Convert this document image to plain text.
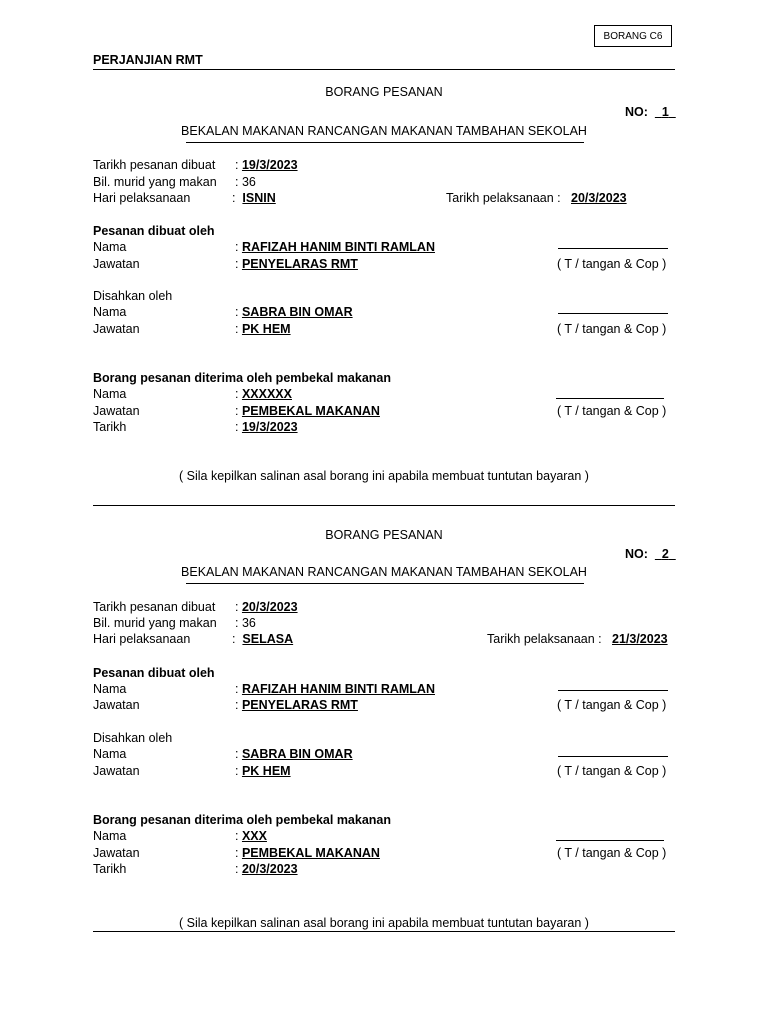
BORANG C6
PERJANJIAN RMT
BORANG PESANAN
NO: 1
BEKALAN MAKANAN RANCANGAN MAKANAN TAMBAHAN SEKOLAH
Tarikh pesanan dibuat : 19/3/2023
Bil. murid yang makan : 36
Hari pelaksanaan	:  ISNIN	Tarikh pelaksanaan : 20/3/2023
Pesanan dibuat oleh
Nama	: RAFIZAH HANIM BINTI RAMLAN
Jawatan	: PENYELARAS RMT	( T / tangan & Cop )
Disahkan oleh
Nama	: SABRA BIN OMAR
Jawatan	: PK HEM	( T / tangan & Cop )
Borang pesanan diterima oleh pembekal makanan
Nama	: XXXXXX
Jawatan	: PEMBEKAL MAKANAN	( T / tangan & Cop )
Tarikh	: 19/3/2023
( Sila kepilkan salinan asal borang ini apabila membuat tuntutan bayaran )
BORANG PESANAN
NO: 2
BEKALAN MAKANAN RANCANGAN MAKANAN TAMBAHAN SEKOLAH
Tarikh pesanan dibuat : 20/3/2023
Bil. murid yang makan : 36
Hari pelaksanaan	:  SELASA	Tarikh pelaksanaan : 21/3/2023
Pesanan dibuat oleh
Nama	: RAFIZAH HANIM BINTI RAMLAN
Jawatan	: PENYELARAS RMT	( T / tangan & Cop )
Disahkan oleh
Nama	: SABRA BIN OMAR
Jawatan	: PK HEM	( T / tangan & Cop )
Borang pesanan diterima oleh pembekal makanan
Nama	: XXX
Jawatan	: PEMBEKAL MAKANAN	( T / tangan & Cop )
Tarikh	: 20/3/2023
( Sila kepilkan salinan asal borang ini apabila membuat tuntutan bayaran )
